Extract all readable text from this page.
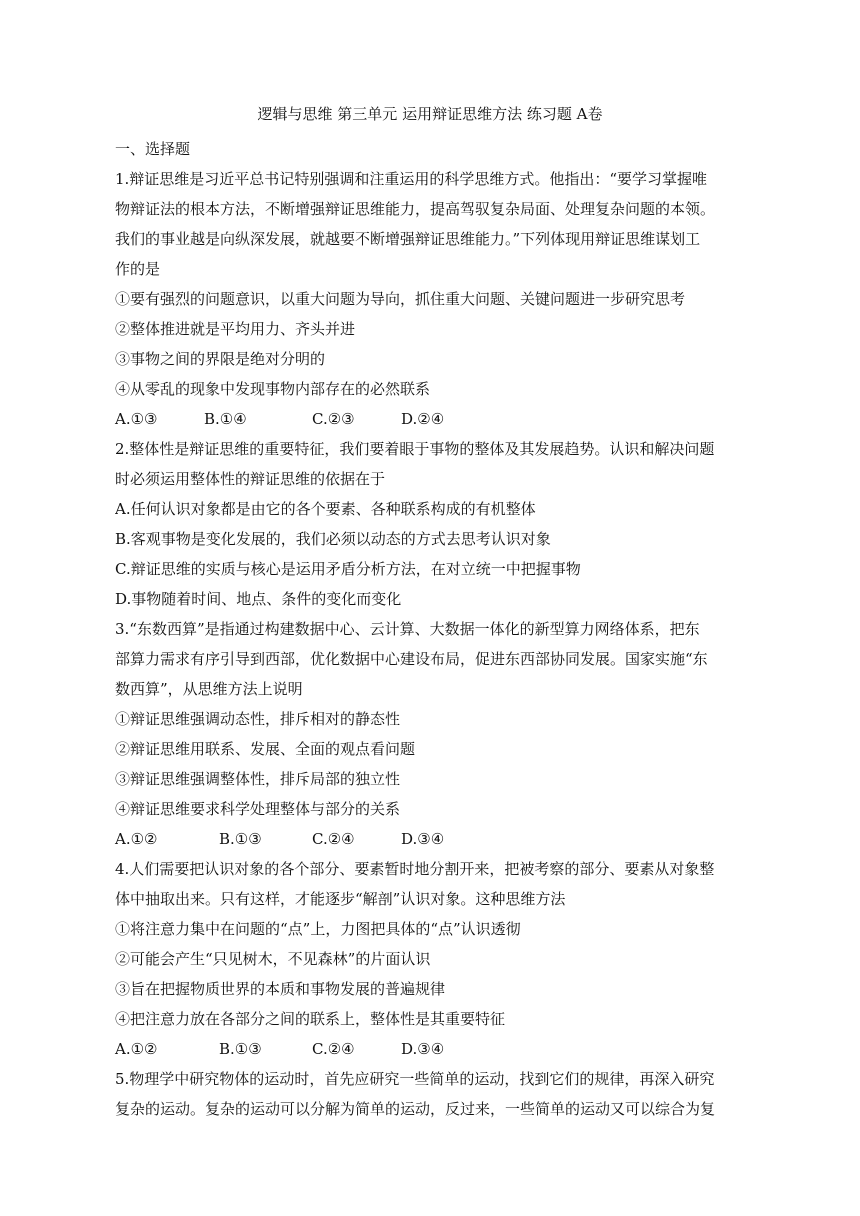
逻辑与思维 第三单元 运用辩证思维方法 练习题 A卷
一、选择题
1.辩证思维是习近平总书记特别强调和注重运用的科学思维方式。他指出：“要学习掌握唯
物辩证法的根本方法，不断增强辩证思维能力，提高驾驭复杂局面、处理复杂问题的本领。
我们的事业越是向纵深发展，就越要不断增强辩证思维能力。”下列体现用辩证思维谋划工
作的是
①要有强烈的问题意识，以重大问题为导向，抓住重大问题、关键问题进一步研究思考
②整体推进就是平均用力、齐头并进
③事物之间的界限是绝对分明的
④从零乱的现象中发现事物内部存在的必然联系
A.①③	B.①④	C.②③	D.②④
2.整体性是辩证思维的重要特征，我们要着眼于事物的整体及其发展趋势。认识和解决问题
时必须运用整体性的辩证思维的依据在于
A.任何认识对象都是由它的各个要素、各种联系构成的有机整体
B.客观事物是变化发展的，我们必须以动态的方式去思考认识对象
C.辩证思维的实质与核心是运用矛盾分析方法，在对立统一中把握事物
D.事物随着时间、地点、条件的变化而变化
3.“东数西算”是指通过构建数据中心、云计算、大数据一体化的新型算力网络体系，把东
部算力需求有序引导到西部，优化数据中心建设布局，促进东西部协同发展。国家实施“东
数西算”，从思维方法上说明
①辩证思维强调动态性，排斥相对的静态性
②辩证思维用联系、发展、全面的观点看问题
③辩证思维强调整体性，排斥局部的独立性
④辩证思维要求科学处理整体与部分的关系
A.①②	B.①③	C.②④	D.③④
4.人们需要把认识对象的各个部分、要素暂时地分割开来，把被考察的部分、要素从对象整
体中抽取出来。只有这样，才能逐步“解剖”认识对象。这种思维方法
①将注意力集中在问题的“点”上，力图把具体的“点”认识透彻
②可能会产生“只见树木，不见森林”的片面认识
③旨在把握物质世界的本质和事物发展的普遍规律
④把注意力放在各部分之间的联系上，整体性是其重要特征
A.①②	B.①③	C.②④	D.③④
5.物理学中研究物体的运动时，首先应研究一些简单的运动，找到它们的规律，再深入研究
复杂的运动。复杂的运动可以分解为简单的运动，反过来，一些简单的运动又可以综合为复
